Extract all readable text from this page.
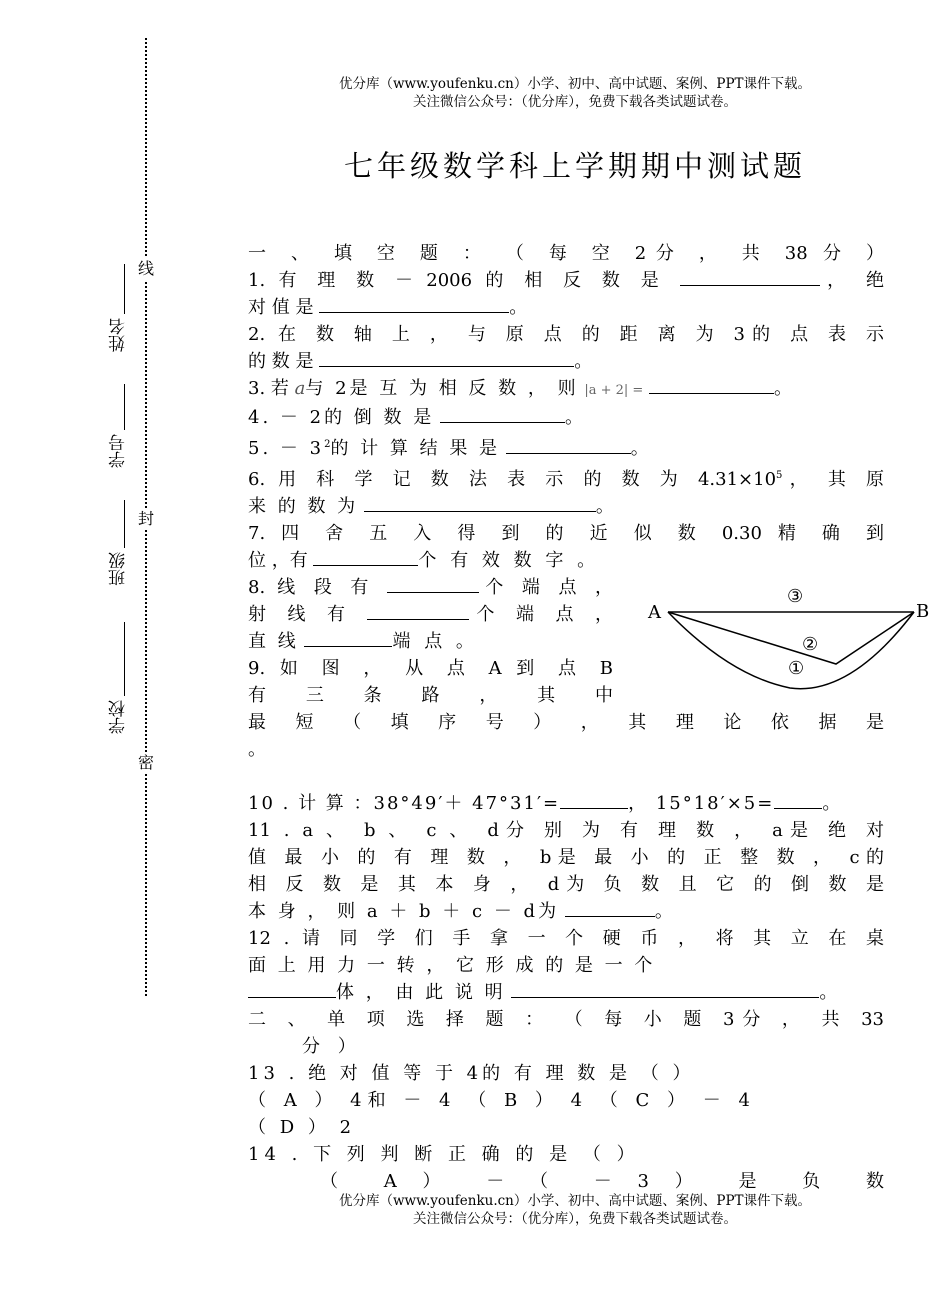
优分库（www.youfenku.cn）小学、初中、高中试题、案例、PPT课件下载。
关注微信公众号：（优分库），免费下载各类试题试卷。
七年级数学科上学期期中测试题
线
封
密
姓名
学号
班级
学校
一 、 填 空 题 ： （ 每 空 2分 ， 共 38 分 ）
1. 有 理 数 － 2006 的 相 反 数 是	， 绝
对 值 是	。
2. 在 数 轴 上 ， 与 原 点 的 距 离 为 3的 点 表 示
的 数 是	。
3. 若 a与 2是 互 为 相 反 数 ， 则 |a + 2| =	。
4. － 2的 倒 数 是	。
5. － $3^2$的 计 算 结 果 是	。
6. 用 科 学 记 数 法 表 示 的 数 为 $4.31\times 10^5$， 其 原
来 的 数 为	。
7. 四 舍 五 入 得 到 的 近 似 数 0.30 精 确 到
位 ，有	个 有 效 数 字 。
8. 线 段 有	个 端 点 ，
射 线 有	个 端 点 ，
直 线	端 点 。
9. 如 图 ， 从 点 A 到 点 B
有 三 条 路 ， 其 中
最 短 （ 填 序 号 ） ， 其 理 论 依 据 是
。
10 . 计 算 ：38°49′＋ 47°31′=	， 15°18′×5=	。
11 . a 、 b 、 c 、 d分 别 为 有 理 数 ， a是 绝 对
值 最 小 的 有 理 数 ， b是 最 小 的 正 整 数 ， c的
相 反 数 是 其 本 身 ， d为 负 数 且 它 的 倒 数 是
本 身 ， 则 a ＋ b ＋ c － d为	。
12 . 请 同 学 们 手 拿 一 个 硬 币 ， 将 其 立 在 桌
面 上 用 力 一 转 ， 它 形 成 的 是 一 个
体 ， 由 此 说 明	。
二 、 单 项 选 择 题 ： （ 每 小 题 3分 ， 共 33
分 ）
13 . 绝 对 值 等 于 4的 有 理 数 是 （ ）
（ A ） 4和 － 4 （ B ） 4 （ C ） － 4
（ D ） 2
14 . 下 列 判 断 正 确 的 是 （ ）
（ A ） － （ － 3 ） 是 负 数
A	B
③
②
①
优分库（www.youfenku.cn）小学、初中、高中试题、案例、PPT课件下载。
关注微信公众号：（优分库），免费下载各类试题试卷。
